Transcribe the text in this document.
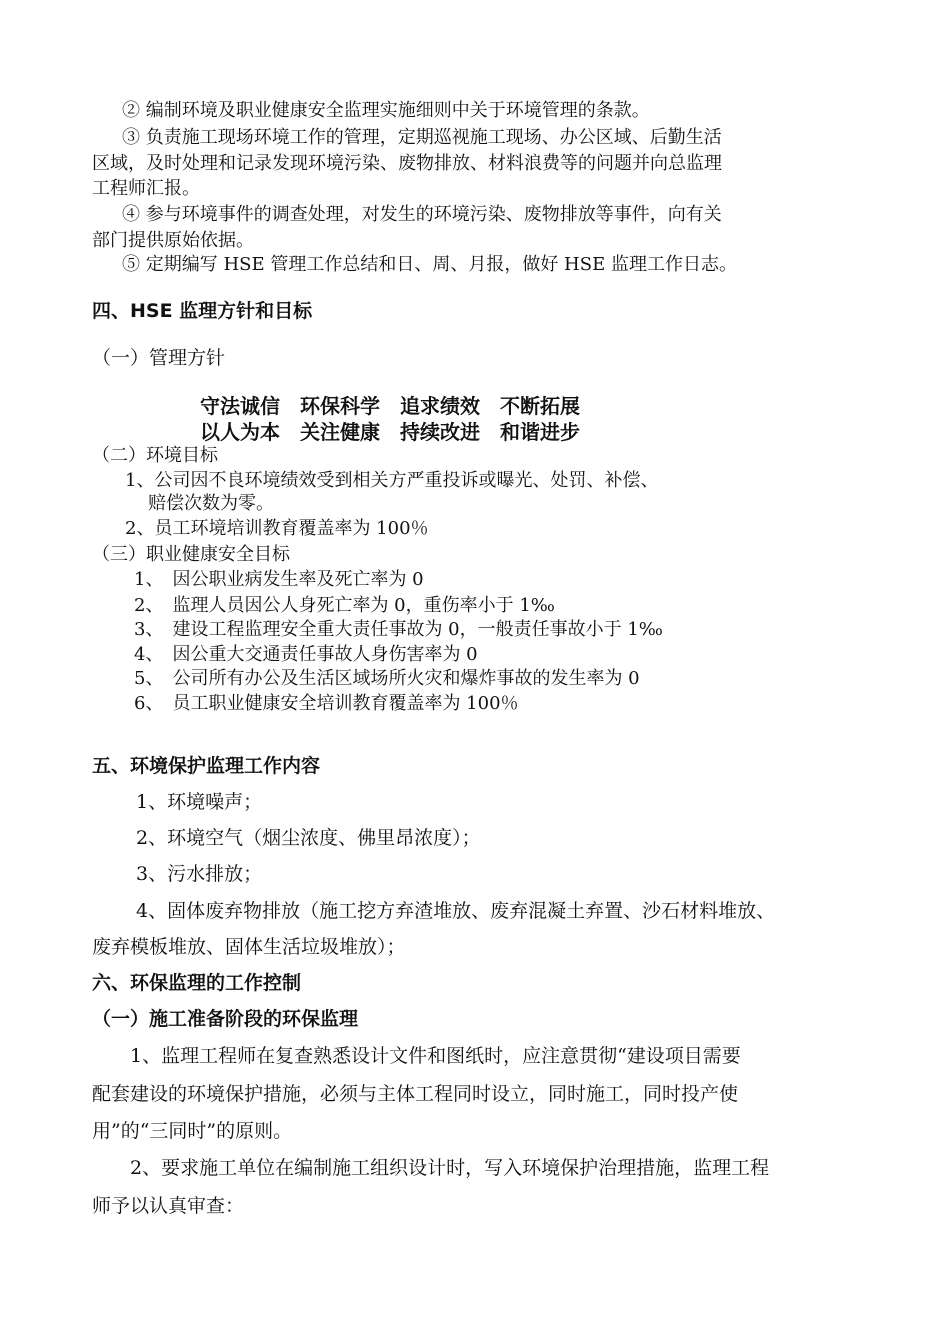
② 编制环境及职业健康安全监理实施细则中关于环境管理的条款。

③ 负责施工现场环境工作的管理，定期巡视施工现场、办公区域、后勤生活

区域，及时处理和记录发现环境污染、废物排放、材料浪费等的问题并向总监理

工程师汇报。

④ 参与环境事件的调查处理，对发生的环境污染、废物排放等事件，向有关

部门提供原始依据。

⑤ 定期编写 HSE 管理工作总结和日、周、月报，做好 HSE 监理工作日志。

四、HSE 监理方针和目标

（一）管理方针

守法诚信　环保科学　追求绩效　不断拓展

以人为本　关注健康　持续改进　和谐进步

（二）环境目标

1、公司因不良环境绩效受到相关方严重投诉或曝光、处罚、补偿、

赔偿次数为零。

2、员工环境培训教育覆盖率为 100％

（三）职业健康安全目标

1、　因公职业病发生率及死亡率为 0

2、　监理人员因公人身死亡率为 0，重伤率小于 1‰

3、　建设工程监理安全重大责任事故为 0，一般责任事故小于 1‰

4、　因公重大交通责任事故人身伤害率为 0

5、　公司所有办公及生活区域场所火灾和爆炸事故的发生率为 0

6、　员工职业健康安全培训教育覆盖率为 100％

五、环境保护监理工作内容

1、环境噪声；

2、环境空气（烟尘浓度、佛里昂浓度）；

3、污水排放；

4、固体废弃物排放（施工挖方弃渣堆放、废弃混凝土弃置、沙石材料堆放、

废弃模板堆放、固体生活垃圾堆放）；

六、环保监理的工作控制

（一）施工准备阶段的环保监理

1、监理工程师在复查熟悉设计文件和图纸时，应注意贯彻“建设项目需要

配套建设的环境保护措施，必须与主体工程同时设立，同时施工，同时投产使

用”的“三同时”的原则。

2、要求施工单位在编制施工组织设计时，写入环境保护治理措施，监理工程

师予以认真审查：
